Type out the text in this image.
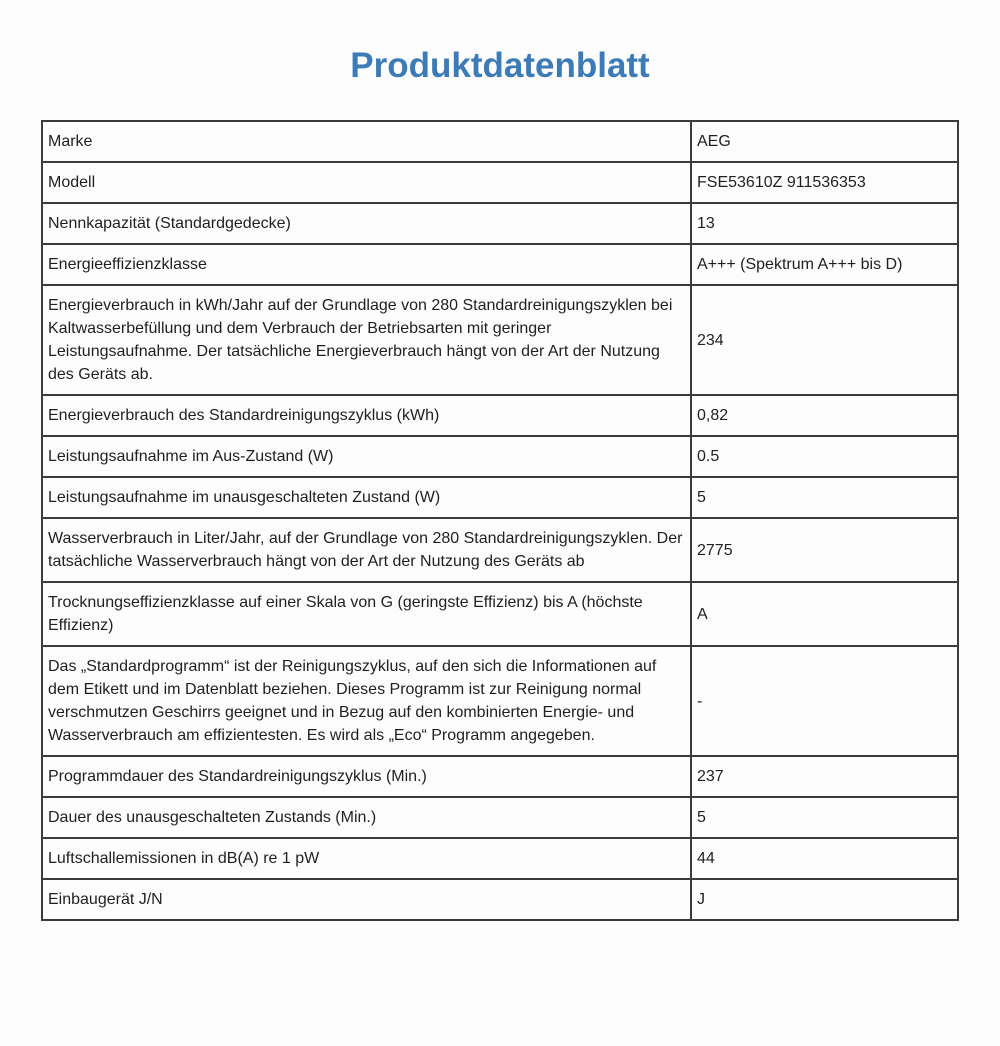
Produktdatenblatt
Marke	AEG
Modell	FSE53610Z 911536353
Nennkapazität (Standardgedecke)	13
Energieeffizienzklasse	A+++ (Spektrum A+++ bis D)
Energieverbrauch in kWh/Jahr auf der Grundlage von 280 Standardreinigungszyklen bei Kaltwasserbefüllung und dem Verbrauch der Betriebsarten mit geringer Leistungsaufnahme. Der tatsächliche Energieverbrauch hängt von der Art der Nutzung des Geräts ab.	234
Energieverbrauch des Standardreinigungszyklus (kWh)	0,82
Leistungsaufnahme im Aus-Zustand (W)	0.5
Leistungsaufnahme im unausgeschalteten Zustand (W)	5
Wasserverbrauch in Liter/Jahr, auf der Grundlage von 280 Standardreinigungszyklen. Der tatsächliche Wasserverbrauch hängt von der Art der Nutzung des Geräts ab	2775
Trocknungseffizienzklasse auf einer Skala von G (geringste Effizienz) bis A (höchste Effizienz)	A
Das „Standardprogramm“ ist der Reinigungszyklus, auf den sich die Informationen auf dem Etikett und im Datenblatt beziehen. Dieses Programm ist zur Reinigung normal verschmutzen Geschirrs geeignet und in Bezug auf den kombinierten Energie- und Wasserverbrauch am effizientesten. Es wird als „Eco“ Programm angegeben.	-
Programmdauer des Standardreinigungszyklus (Min.)	237
Dauer des unausgeschalteten Zustands (Min.)	5
Luftschallemissionen in dB(A) re 1 pW	44
Einbaugerät J/N	J
